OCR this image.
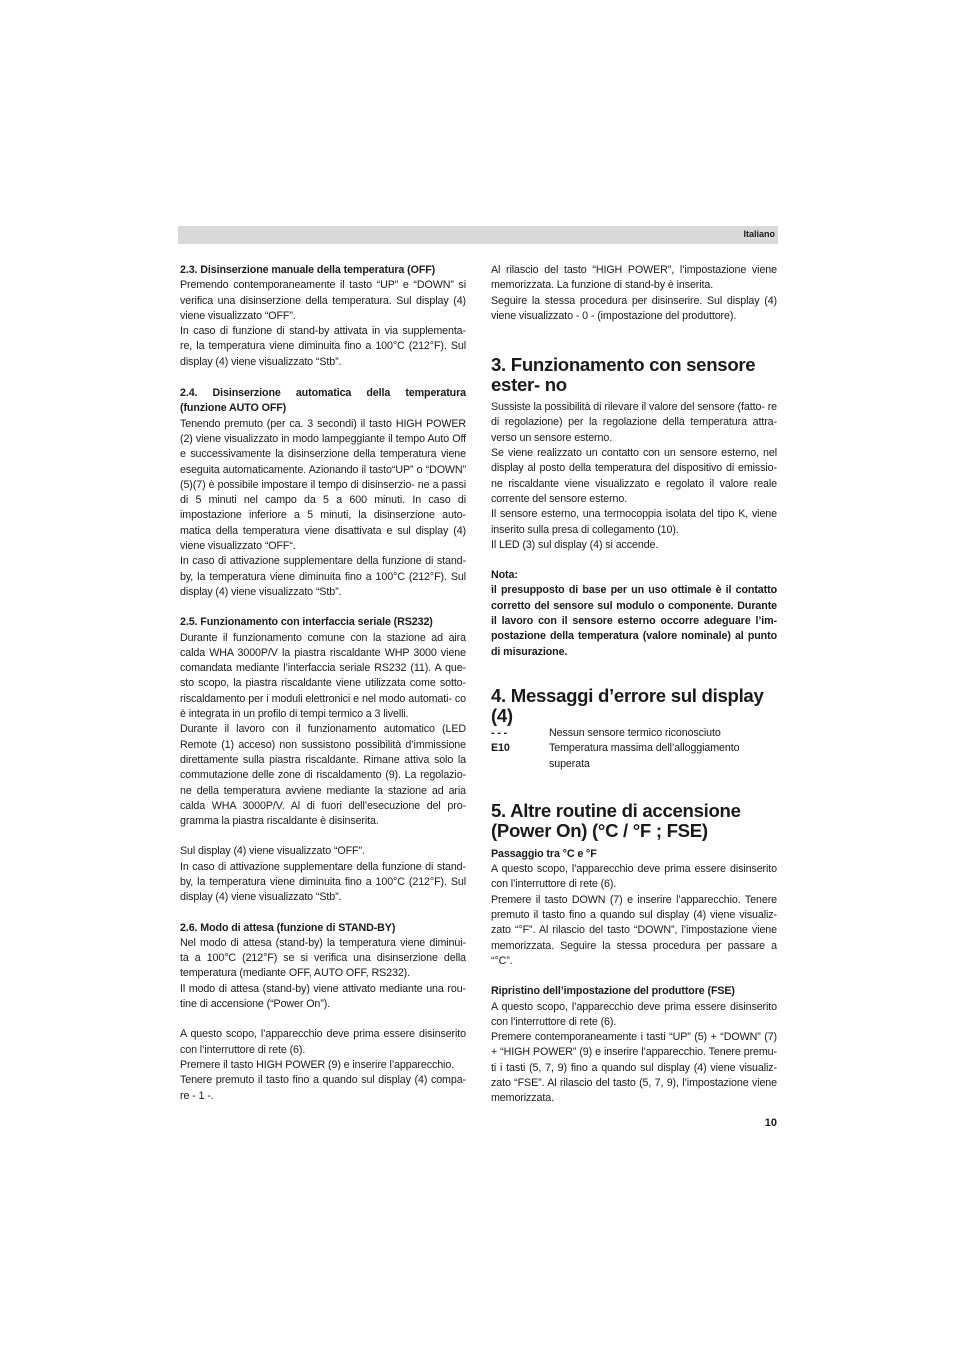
Italiano

2.3. Disinserzione manuale della temperatura (OFF)

Premendo contemporaneamente il tasto “UP” e “DOWN” si verifica una disinserzione della temperatura. Sul display (4) viene visualizzato “OFF”.

In caso di funzione di stand-by attivata in via supplementa- re, la temperatura viene diminuita fino a 100°C (212°F). Sul display (4) viene visualizzato “Stb”.

2.4. Disinserzione automatica della temperatura (funzione AUTO OFF)

Tenendo premuto (per ca. 3 secondi) il tasto HIGH POWER (2) viene visualizzato in modo lampeggiante il tempo Auto Off e successivamente la disinserzione della temperatura viene eseguita automaticamente. Azionando il tasto“UP” o “DOWN” (5)(7) è possibile impostare il tempo di disinserzio- ne a passi di 5 minuti nel campo da 5 a 600 minuti. In caso di impostazione inferiore a 5 minuti, la disinserzione auto- matica della temperatura viene disattivata e sul display (4) viene visualizzato “OFF“.

In caso di attivazione supplementare della funzione di stand- by, la temperatura viene diminuita fino a 100°C (212°F). Sul display (4) viene visualizzato “Stb”.

2.5. Funzionamento con interfaccia seriale (RS232)

Durante il funzionamento comune con la stazione ad aira calda WHA 3000P/V la piastra riscaldante WHP 3000 viene comandata mediante l’interfaccia seriale RS232 (11). A que- sto scopo, la piastra riscaldante viene utilizzata come sotto- riscaldamento per i moduli elettronici e nel modo automati- co è integrata in un profilo di tempi termico a 3 livelli.

Durante il lavoro con il funzionamento automatico (LED Remote (1) acceso) non sussistono possibilità d’immissione direttamente sulla piastra riscaldante. Rimane attiva solo la commutazione delle zone di riscaldamento (9). La regolazio- ne della temperatura avviene mediante la stazione ad aria calda WHA 3000P/V. Al di fuori dell’esecuzione del pro- gramma la piastra riscaldante è disinserita.

Sul display (4) viene visualizzato “OFF”.

In caso di attivazione supplementare della funzione di stand- by, la temperatura viene diminuita fino a 100°C (212°F). Sul display (4) viene visualizzato “Stb”.

2.6. Modo di attesa (funzione di STAND-BY)

Nel modo di attesa (stand-by) la temperatura viene diminui- ta a 100°C (212°F) se si verifica una disinserzione della temperatura (mediante OFF, AUTO OFF, RS232).

Il modo di attesa (stand-by) viene attivato mediante una rou- tine di accensione (“Power On”).

A questo scopo, l’apparecchio deve prima essere disinserito con l’interruttore di rete (6).

Premere il tasto HIGH POWER (9) e inserire l’apparecchio.

Tenere premuto il tasto fino a quando sul display (4) compa- re - 1 -.

Al rilascio del tasto “HIGH POWER”, l’impostazione viene memorizzata. La funzione di stand-by è inserita.

Seguire la stessa procedura per disinserire. Sul display (4) viene visualizzato - 0 - (impostazione del produttore).

3. Funzionamento con sensore ester- no

Sussiste la possibilità di rilevare il valore del sensore (fatto- re di regolazione) per la regolazione della temperatura attra- verso un sensore esterno.

Se viene realizzato un contatto con un sensore esterno, nel display al posto della temperatura del dispositivo di emissio- ne riscaldante viene visualizzato e regolato il valore reale corrente del sensore esterno.

Il sensore esterno, una termocoppia isolata del tipo K, viene inserito sulla presa di collegamento (10).

Il LED (3) sul display (4) si accende.

Nota:

il presupposto di base per un uso ottimale è il contatto corretto del sensore sul modulo o componente. Durante il lavoro con il sensore esterno occorre adeguare l’im- postazione della temperatura (valore nominale) al punto di misurazione.

4. Messaggi d’errore sul display (4)
- - -	Nessun sensore termico riconosciuto
E10	Temperatura massima dell’alloggiamento superata
5. Altre routine di accensione (Power On) (°C / °F ; FSE)

Passaggio tra °C e °F

A questo scopo, l’apparecchio deve prima essere disinserito con l’interruttore di rete (6).

Premere il tasto DOWN (7) e inserire l’apparecchio. Tenere premuto il tasto fino a quando sul display (4) viene visualiz- zato “°F”. Al rilascio del tasto “DOWN”, l’impostazione viene memorizzata. Seguire la stessa procedura per passare a “°C”.

Ripristino dell’impostazione del produttore (FSE)

A questo scopo, l’apparecchio deve prima essere disinserito con l’interruttore di rete (6).

Premere contemporaneamente i tasti “UP” (5) + “DOWN” (7) + “HIGH POWER” (9) e inserire l’apparecchio. Tenere premu- ti i tasti (5, 7, 9) fino a quando sul display (4) viene visualiz- zato “FSE”. Al rilascio del tasto (5, 7, 9), l’impostazione viene memorizzata.

10
